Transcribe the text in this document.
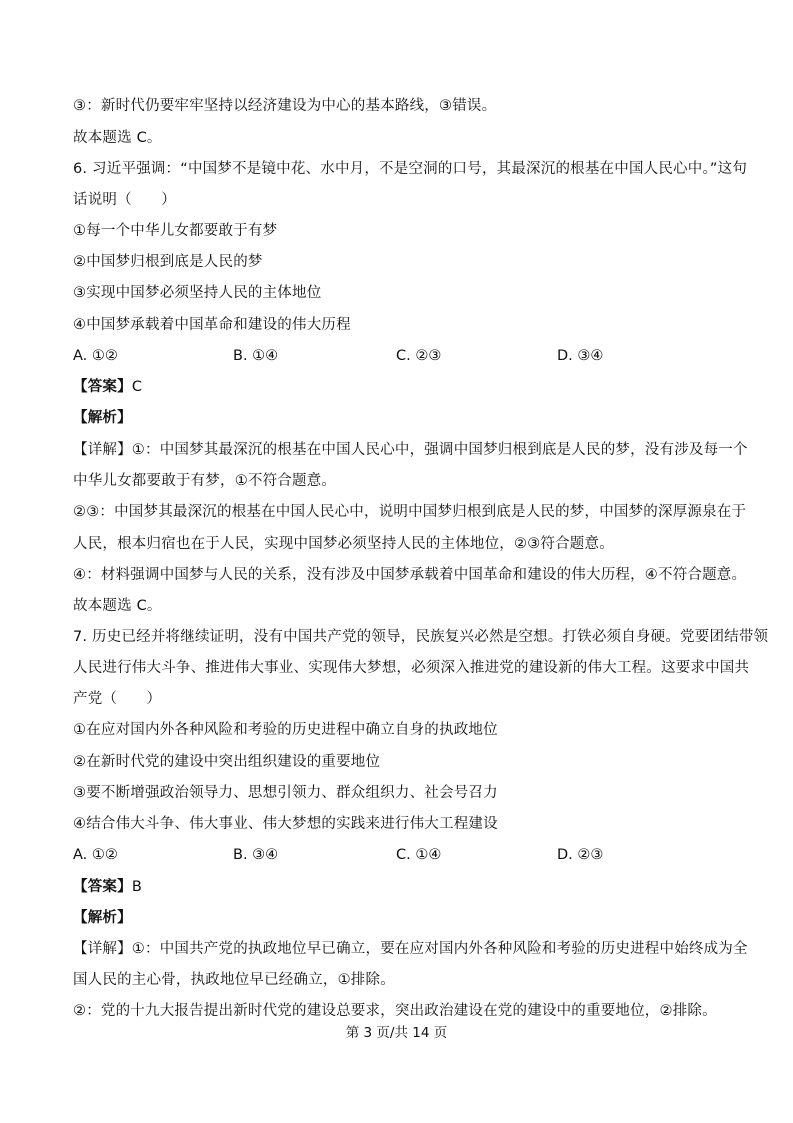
③：新时代仍要牢牢坚持以经济建设为中心的基本路线，③错误。
故本题选 C。
6. 习近平强调：“中国梦不是镜中花、水中月，不是空洞的口号，其最深沉的根基在中国人民心中。”这句
话说明（　　）
①每一个中华儿女都要敢于有梦
②中国梦归根到底是人民的梦
③实现中国梦必须坚持人民的主体地位
④中国梦承载着中国革命和建设的伟大历程
A. ①②	B. ①④	C. ②③	D. ③④
【答案】C
【解析】
【详解】①：中国梦其最深沉的根基在中国人民心中，强调中国梦归根到底是人民的梦，没有涉及每一个
中华儿女都要敢于有梦，①不符合题意。
②③：中国梦其最深沉的根基在中国人民心中，说明中国梦归根到底是人民的梦，中国梦的深厚源泉在于
人民，根本归宿也在于人民，实现中国梦必须坚持人民的主体地位，②③符合题意。
④：材料强调中国梦与人民的关系，没有涉及中国梦承载着中国革命和建设的伟大历程，④不符合题意。
故本题选 C。
7. 历史已经并将继续证明，没有中国共产党的领导，民族复兴必然是空想。打铁必须自身硬。党要团结带领
人民进行伟大斗争、推进伟大事业、实现伟大梦想，必须深入推进党的建设新的伟大工程。这要求中国共
产党（　　）
①在应对国内外各种风险和考验的历史进程中确立自身的执政地位
②在新时代党的建设中突出组织建设的重要地位
③要不断增强政治领导力、思想引领力、群众组织力、社会号召力
④结合伟大斗争、伟大事业、伟大梦想的实践来进行伟大工程建设
A. ①②	B. ③④	C. ①④	D. ②③
【答案】B
【解析】
【详解】①：中国共产党的执政地位早已确立，要在应对国内外各种风险和考验的历史进程中始终成为全
国人民的主心骨，执政地位早已经确立，①排除。
②：党的十九大报告提出新时代党的建设总要求，突出政治建设在党的建设中的重要地位，②排除。
第 3 页/共 14 页
